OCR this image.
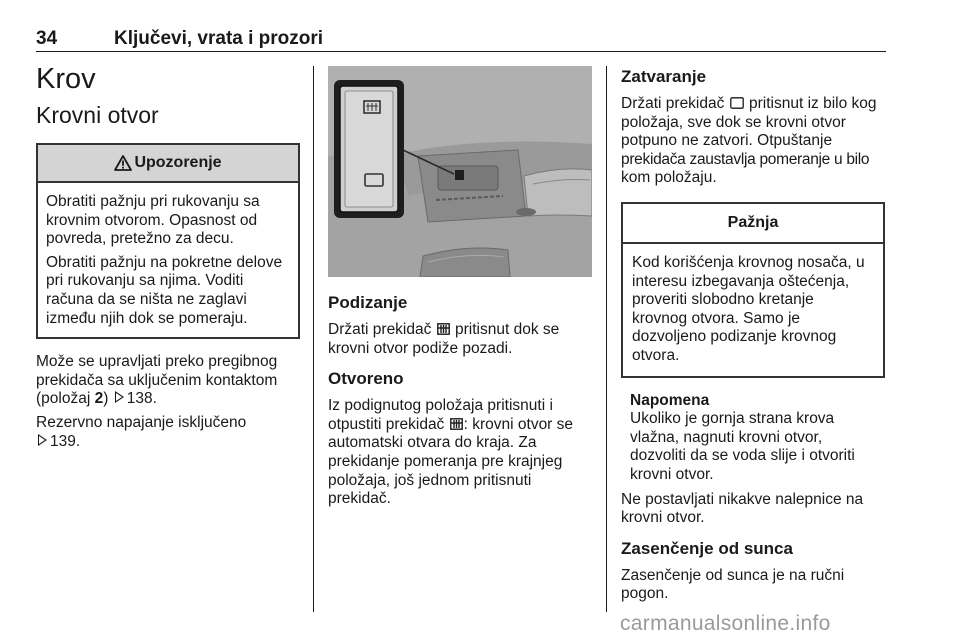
34	Ključevi, vrata i prozori
Krov
Krovni otvor
Upozorenje

Obratiti pažnju pri rukovanju sa
krovnim otvorom. Opasnost od
povreda, pretežno za decu.

Obratiti pažnju na pokretne delove
pri rukovanju sa njima. Voditi
računa da se ništa ne zaglavi
između njih dok se pomeraju.

Može se upravljati preko pregibnog
prekidača sa uključenim kontaktom
(položaj 2) 138.

Rezervno napajanje isključeno
139.

Podizanje

Držati prekidač pritisnut dok se
krovni otvor podiže pozadi.

Otvoreno

Iz podignutog položaja pritisnuti i
otpustiti prekidač : krovni otvor se
automatski otvara do kraja. Za
prekidanje pomeranja pre krajnjeg
položaja, još jednom pritisnuti
prekidač.

Zatvaranje

Držati prekidač pritisnut iz bilo kog
položaja, sve dok se krovni otvor
potpuno ne zatvori. Otpuštanje
prekidača zaustavlja pomeranje u bilo
kom položaju.

Pažnja

Kod korišćenja krovnog nosača, u
interesu izbegavanja oštećenja,
proveriti slobodno kretanje
krovnog otvora. Samo je
dozvoljeno podizanje krovnog
otvora.

Napomena

Ukoliko je gornja strana krova
vlažna, nagnuti krovni otvor,
dozvoliti da se voda slije i otvoriti
krovni otvor.

Ne postavljati nikakve nalepnice na
krovni otvor.

Zasenčenje od sunca

Zasenčenje od sunca je na ručni
pogon.

carmanualsonline.info
